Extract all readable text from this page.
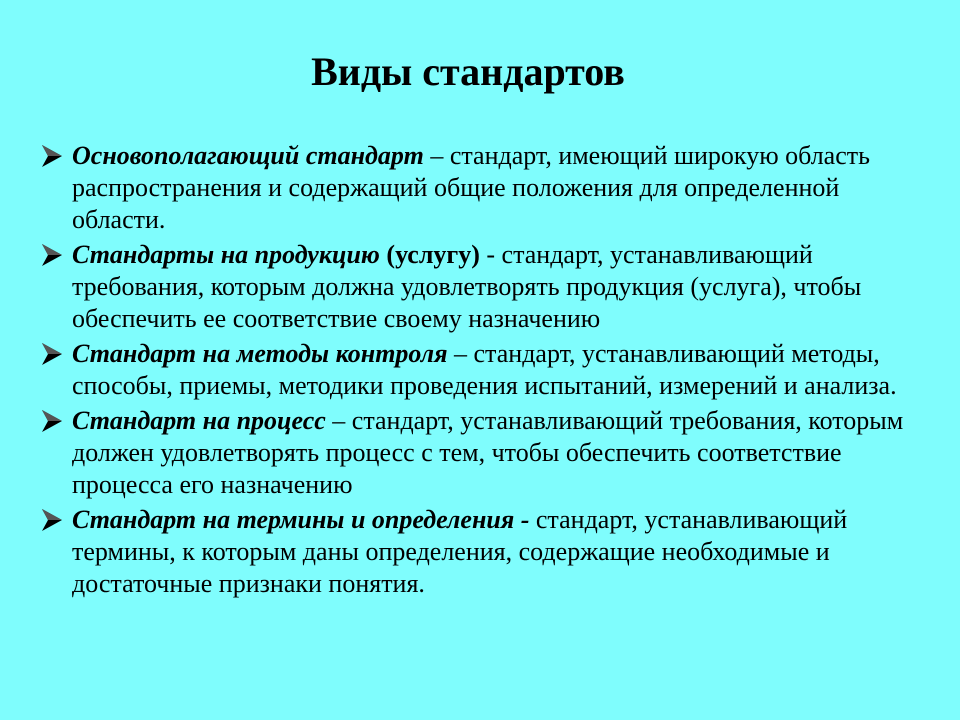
Виды стандартов
Основополагающий стандарт – стандарт, имеющий широкую область распространения и содержащий общие положения для определенной области.
Стандарты на продукцию (услугу) - стандарт, устанавливающий требования, которым должна удовлетворять продукция (услуга), чтобы обеспечить ее соответствие своему назначению
Стандарт на методы контроля – стандарт, устанавливающий методы, способы, приемы, методики проведения испытаний, измерений и анализа.
Стандарт на процесс – стандарт, устанавливающий требования, которым должен удовлетворять процесс с тем, чтобы обеспечить соответствие процесса его назначению
Стандарт на термины и определения - стандарт, устанавливающий термины, к которым даны определения, содержащие необходимые и достаточные признаки понятия.
